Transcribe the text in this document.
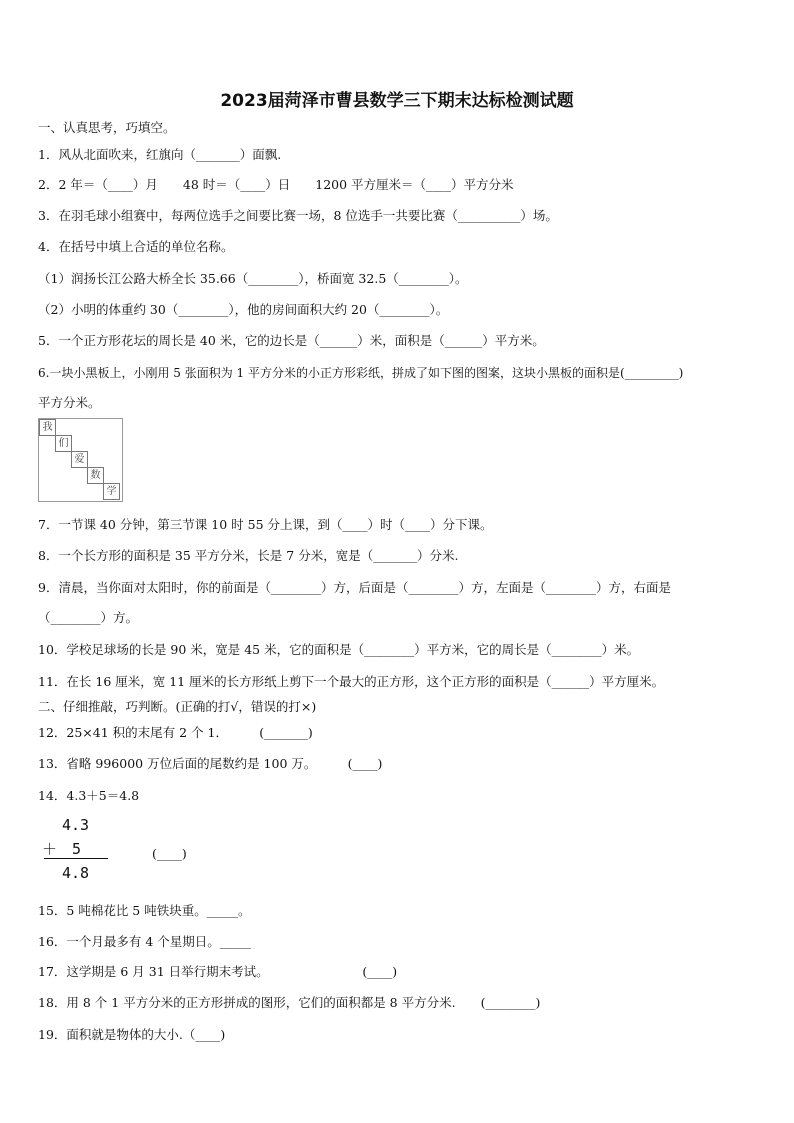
2023届菏泽市曹县数学三下期末达标检测试题
一、认真思考，巧填空。
1．风从北面吹来，红旗向（_______）面飘.
2．2 年＝（____）月　　48 时＝（____）日　　1200 平方厘米＝（____）平方分米
3．在羽毛球小组赛中，每两位选手之间要比赛一场，8 位选手一共要比赛（__________）场。
4．在括号中填上合适的单位名称。
（1）润扬长江公路大桥全长 35.66（________），桥面宽 32.5（________）。
（2）小明的体重约 30（________），他的房间面积大约 20（________）。
5．一个正方形花坛的周长是 40 米，它的边长是（______）米，面积是（______）平方米。
6.一块小黑板上，小刚用 5 张面积为 1 平方分米的小正方形彩纸，拼成了如下图的图案，这块小黑板的面积是(_________)
平方分米。
我
们
爱
数
学
7．一节课 40 分钟，第三节课 10 时 55 分上课，到（____）时（____）分下课。
8．一个长方形的面积是 35 平方分米，长是 7 分米，宽是（_______）分米.
9．清晨，当你面对太阳时，你的前面是（________）方，后面是（________）方，左面是（________）方，右面是
（________）方。
10．学校足球场的长是 90 米，宽是 45 米，它的面积是（________）平方米，它的周长是（________）米。
11．在长 16 厘米，宽 11 厘米的长方形纸上剪下一个最大的正方形，这个正方形的面积是（______）平方厘米。
二、仔细推敲，巧判断。(正确的打√，错误的打×)
12．25×41 积的末尾有 2 个 1．　　　(_______)
13．省略 996000 万位后面的尾数约是 100 万。　　　(____)
14．4.3＋5＝4.8
4.3
＋　5
4.8
(____)
15．5 吨棉花比 5 吨铁块重。_____。
16．一个月最多有 4 个星期日。_____
17．这学期是 6 月 31 日举行期末考试。　　　　　　　　(____)
18．用 8 个 1 平方分米的正方形拼成的图形，它们的面积都是 8 平方分米.　　(________)
19．面积就是物体的大小.（____)
